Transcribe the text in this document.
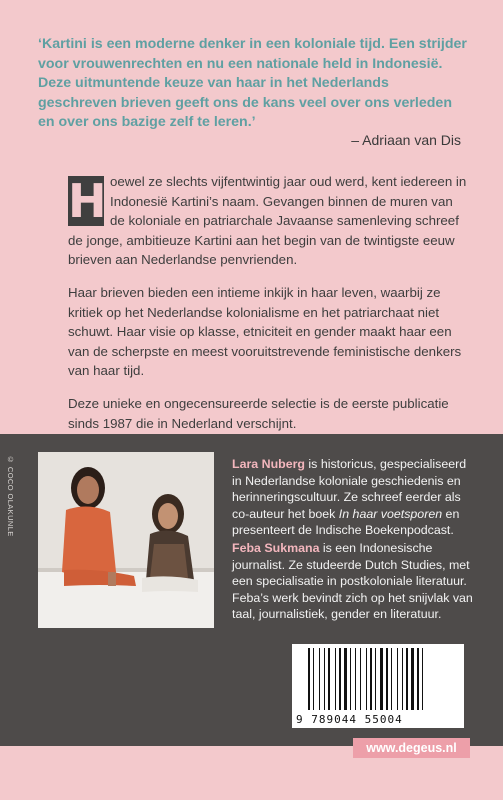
‘Kartini is een moderne denker in een koloniale tijd. Een strijder voor vrouwenrechten en nu een nationale held in Indonesië. Deze uitmuntende keuze van haar in het Nederlands geschreven brieven geeft ons de kans veel over ons verleden en over ons bazige zelf te leren.’

– Adriaan van Dis

H oewel ze slechts vijfentwintig jaar oud werd, kent iedereen in Indonesië Kartini’s naam. Gevangen binnen de muren van de koloniale en patriarchale Javaanse samenleving schreef de jonge, ambitieuze Kartini aan het begin van de twintigste eeuw brieven aan Nederlandse penvrienden.

Haar brieven bieden een intieme inkijk in haar leven, waarbij ze kritiek op het Nederlandse kolonialisme en het patriarchaat niet schuwt. Haar visie op klasse, etniciteit en gender maakt haar een van de scherpste en meest vooruitstrevende feministische denkers van haar tijd.

Deze unieke en ongecensureerde selectie is de eerste publicatie sinds 1987 die in Nederland verschijnt.

© COCO OLAKUNLE	Lara Nuberg is historicus, gespecialiseerd in Nederlandse koloniale geschiedenis en herinneringscultuur. Ze schreef eerder als co-auteur het boek In haar voetsporen en presenteert de Indische Boekenpodcast.
Feba Sukmana is een Indonesische journalist. Ze studeerde Dutch Studies, met een specialisatie in postkoloniale literatuur. Feba’s werk bevindt zich op het snijvlak van taal, journalistiek, gender en literatuur.
9 789044 55004
www.degeus.nl
